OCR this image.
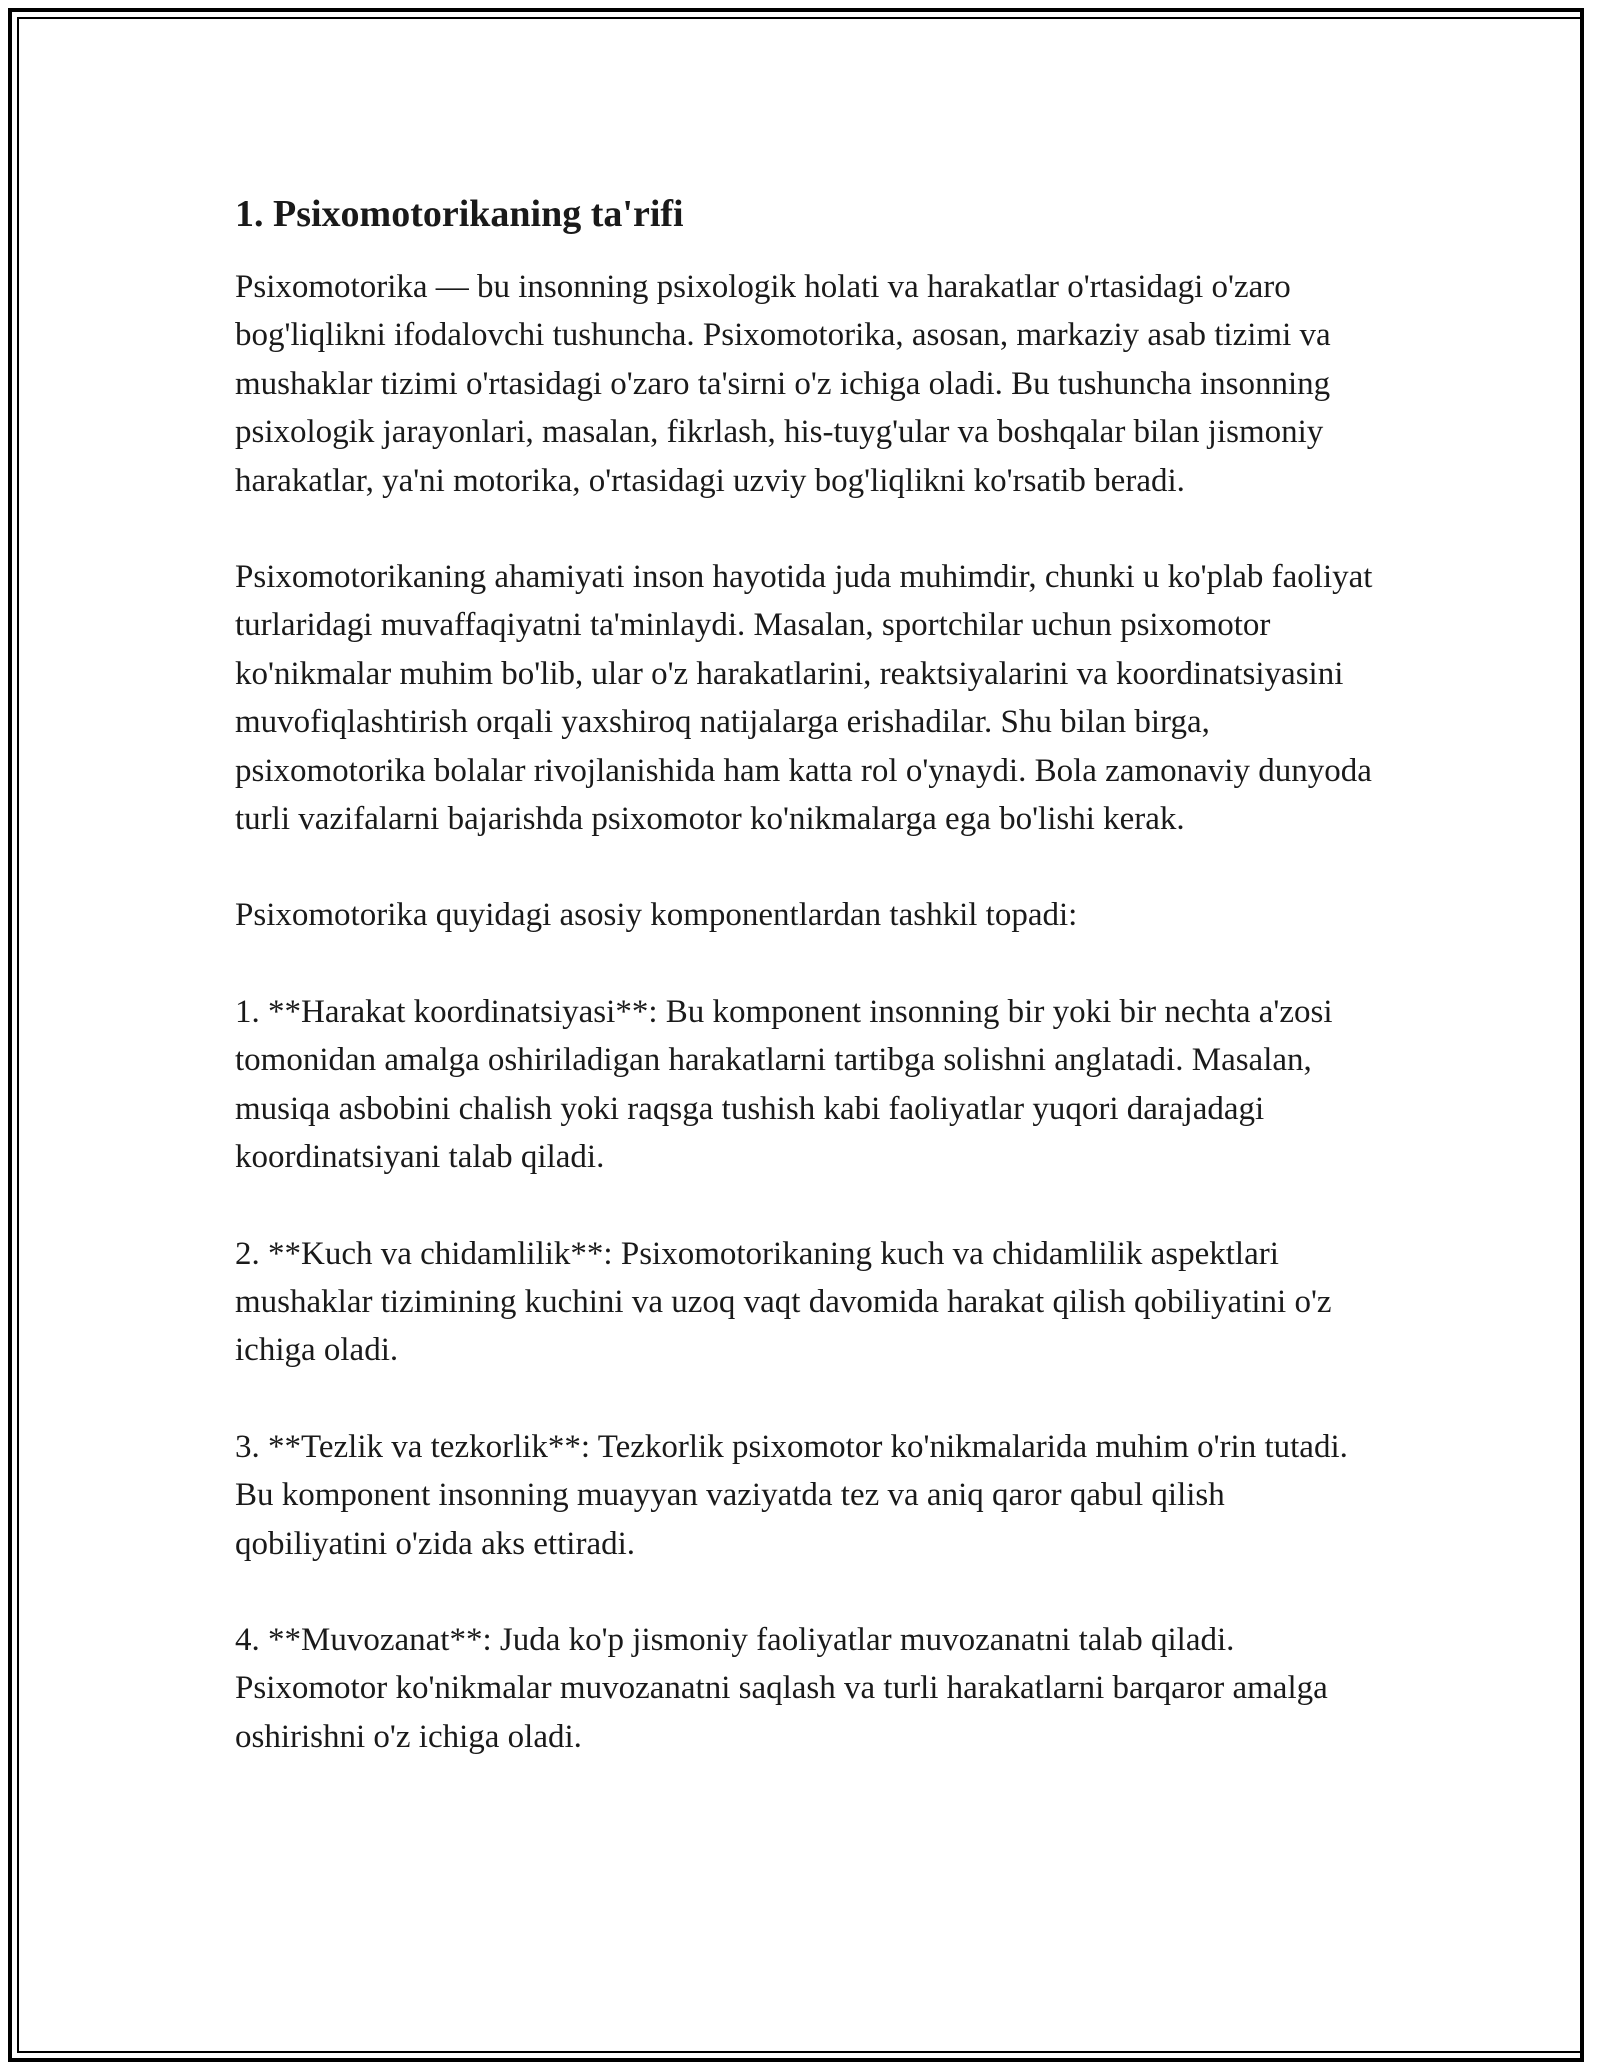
1. Psixomotorikaning ta'rifi

Psixomotorika — bu insonning psixologik holati va harakatlar o'rtasidagi o'zaro bog'liqlikni ifodalovchi tushuncha. Psixomotorika, asosan, markaziy asab tizimi va mushaklar tizimi o'rtasidagi o'zaro ta'sirni o'z ichiga oladi. Bu tushuncha insonning psixologik jarayonlari, masalan, fikrlash, his-tuyg'ular va boshqalar bilan jismoniy harakatlar, ya'ni motorika, o'rtasidagi uzviy bog'liqlikni ko'rsatib beradi.

Psixomotorikaning ahamiyati inson hayotida juda muhimdir, chunki u ko'plab faoliyat turlaridagi muvaffaqiyatni ta'minlaydi. Masalan, sportchilar uchun psixomotor ko'nikmalar muhim bo'lib, ular o'z harakatlarini, reaktsiyalarini va koordinatsiyasini muvofiqlashtirish orqali yaxshiroq natijalarga erishadilar. Shu bilan birga, psixomotorika bolalar rivojlanishida ham katta rol o'ynaydi. Bola zamonaviy dunyoda turli vazifalarni bajarishda psixomotor ko'nikmalarga ega bo'lishi kerak.

Psixomotorika quyidagi asosiy komponentlardan tashkil topadi:

1. **Harakat koordinatsiyasi**: Bu komponent insonning bir yoki bir nechta a'zosi tomonidan amalga oshiriladigan harakatlarni tartibga solishni anglatadi. Masalan, musiqa asbobini chalish yoki raqsga tushish kabi faoliyatlar yuqori darajadagi koordinatsiyani talab qiladi.

2. **Kuch va chidamlilik**: Psixomotorikaning kuch va chidamlilik aspektlari mushaklar tizimining kuchini va uzoq vaqt davomida harakat qilish qobiliyatini o'z ichiga oladi.

3. **Tezlik va tezkorlik**: Tezkorlik psixomotor ko'nikmalarida muhim o'rin tutadi. Bu komponent insonning muayyan vaziyatda tez va aniq qaror qabul qilish qobiliyatini o'zida aks ettiradi.

4. **Muvozanat**: Juda ko'p jismoniy faoliyatlar muvozanatni talab qiladi. Psixomotor ko'nikmalar muvozanatni saqlash va turli harakatlarni barqaror amalga oshirishni o'z ichiga oladi.
